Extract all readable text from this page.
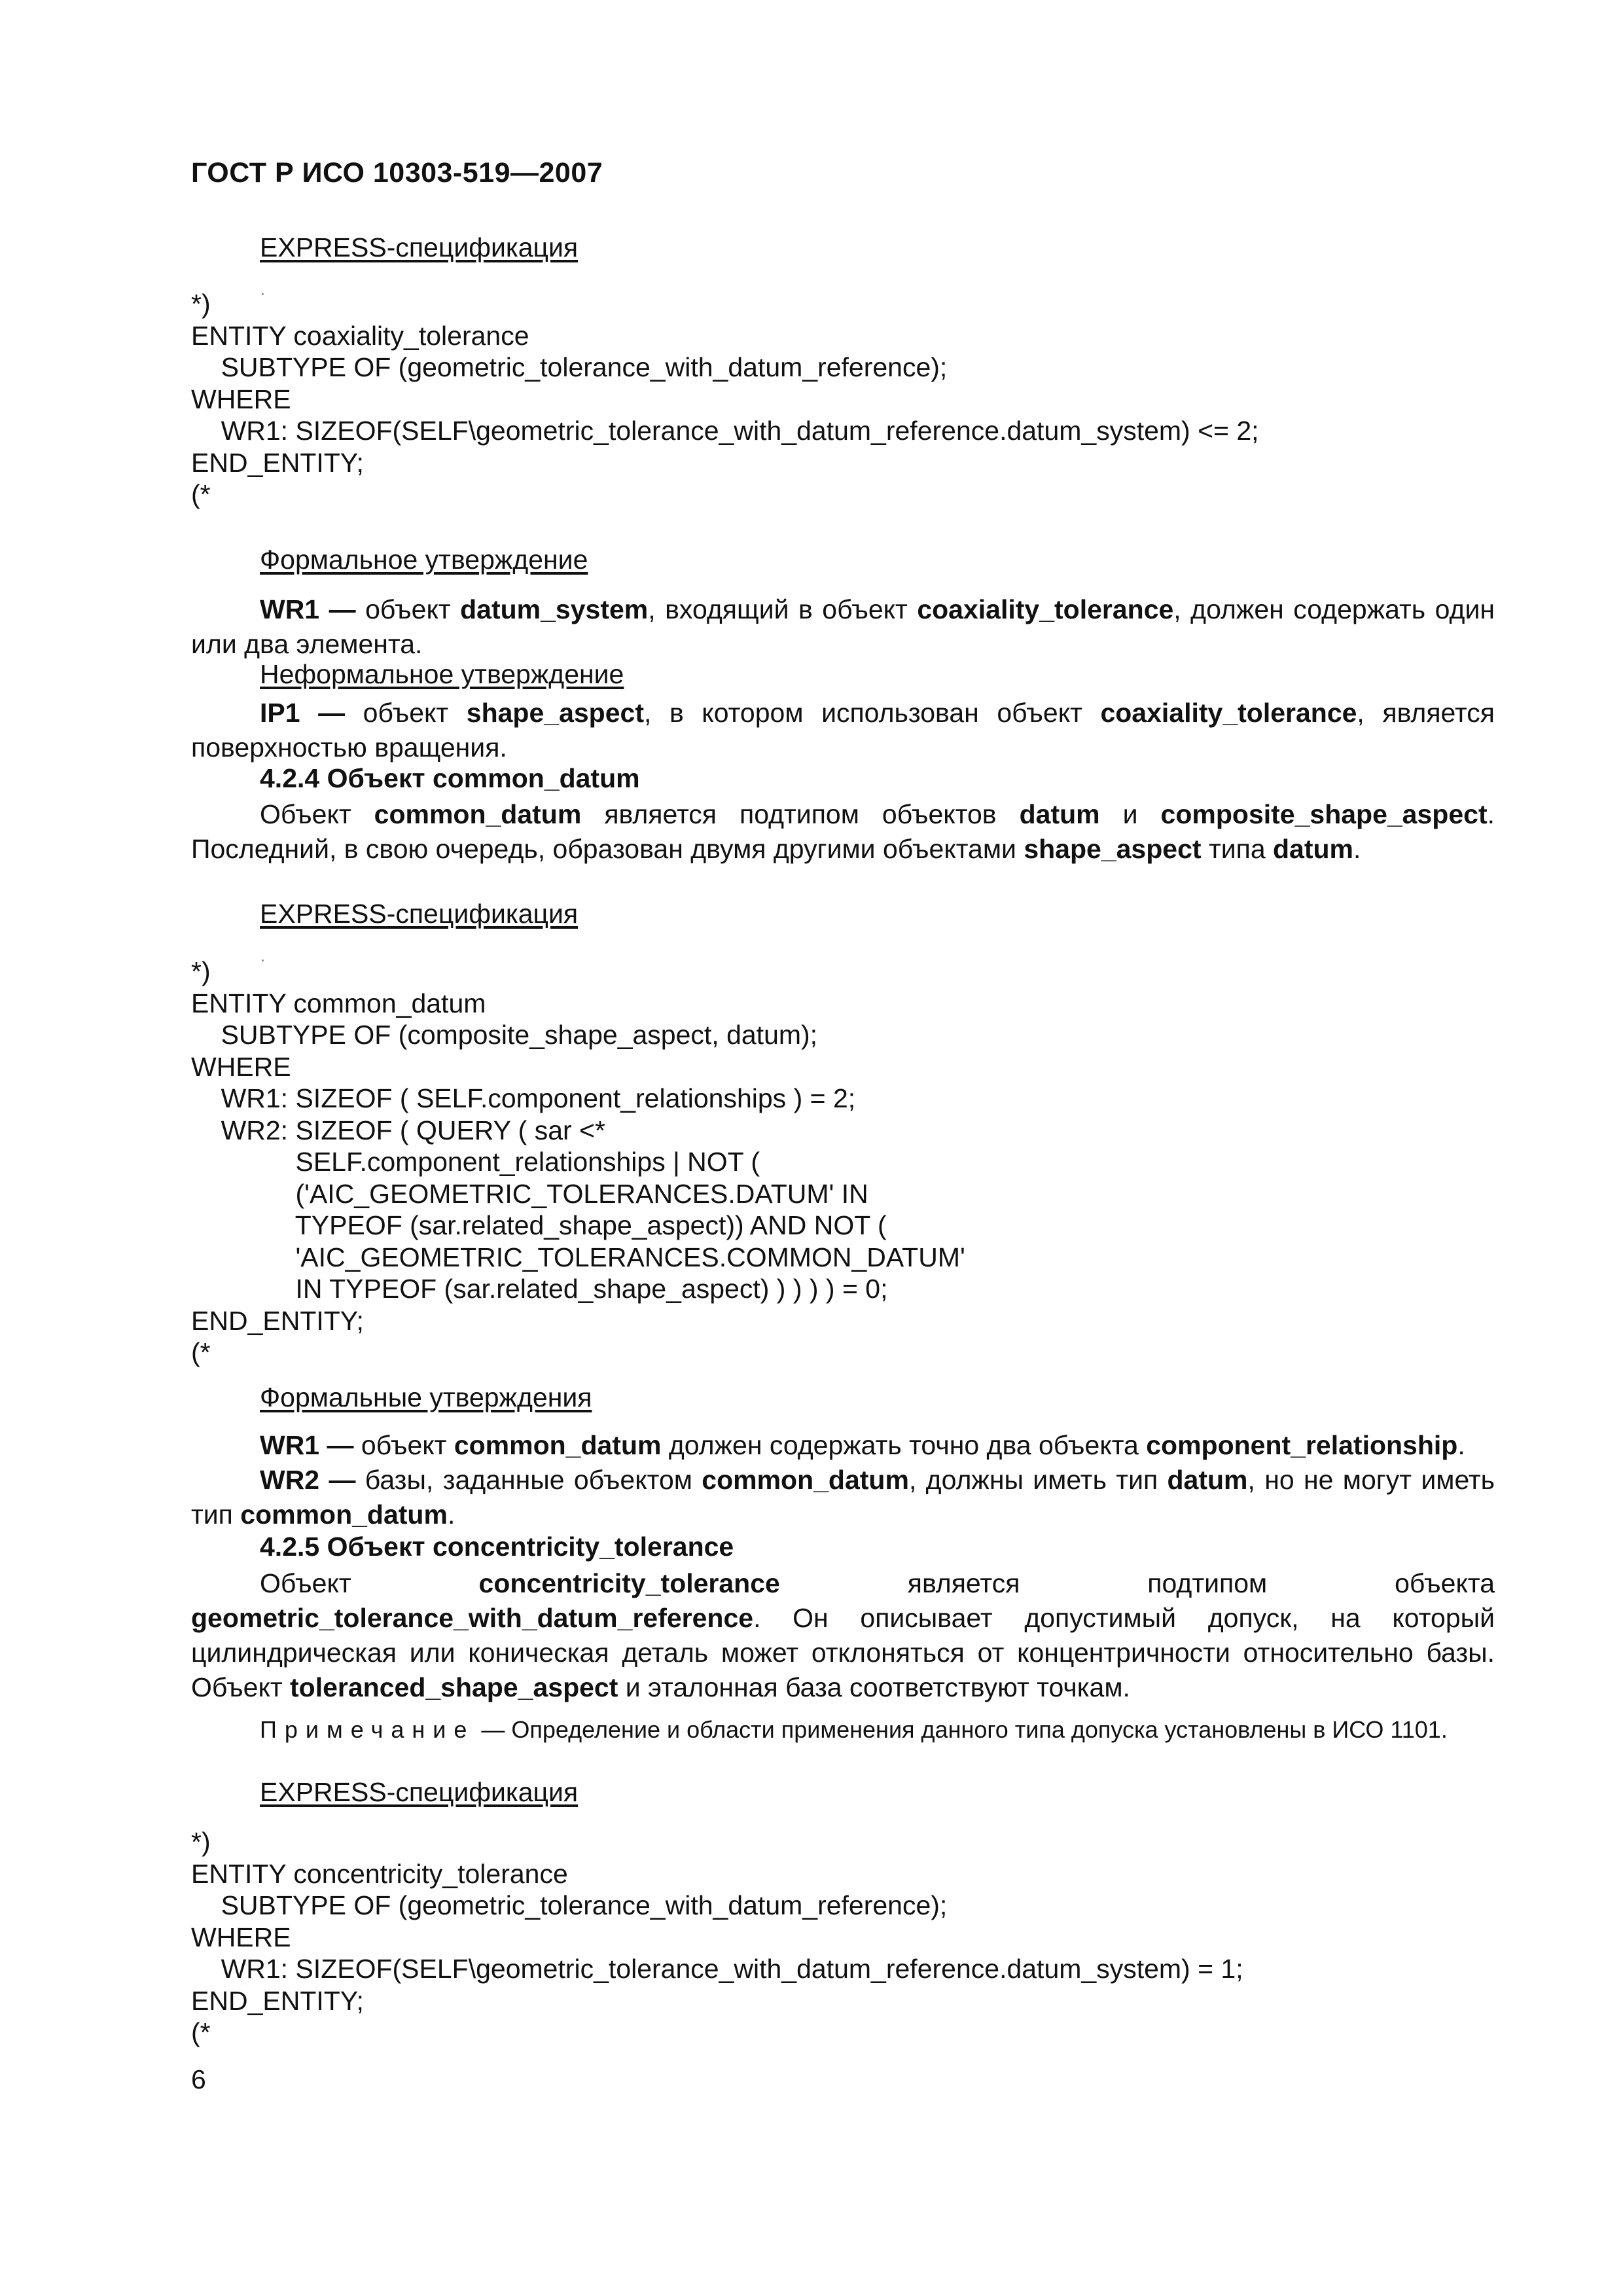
ГОСТ Р ИСО 10303-519—2007
EXPRESS-спецификация
*)
ENTITY coaxiality_tolerance
SUBTYPE OF (geometric_tolerance_with_datum_reference);
WHERE
WR1: SIZEOF(SELF\geometric_tolerance_with_datum_reference.datum_system) <= 2;
END_ENTITY;
(*
Формальное утверждение
WR1 — объект datum_system, входящий в объект coaxiality_tolerance, должен содержать один или два элемента.
Неформальное утверждение
IP1 — объект shape_aspect, в котором использован объект coaxiality_tolerance, является поверхностью вращения.
4.2.4 Объект common_datum
Объект common_datum является подтипом объектов datum и composite_shape_aspect. Последний, в свою очередь, образован двумя другими объектами shape_aspect типа datum.
EXPRESS-спецификация
*)
ENTITY common_datum
SUBTYPE OF (composite_shape_aspect, datum);
WHERE
WR1: SIZEOF ( SELF.component_relationships ) = 2;
WR2: SIZEOF ( QUERY ( sar <*
SELF.component_relationships | NOT (
('AIC_GEOMETRIC_TOLERANCES.DATUM' IN
TYPEOF (sar.related_shape_aspect)) AND NOT (
'AIC_GEOMETRIC_TOLERANCES.COMMON_DATUM'
IN TYPEOF (sar.related_shape_aspect) ) ) ) ) = 0;
END_ENTITY;
(*
Формальные утверждения
WR1 — объект common_datum должен содержать точно два объекта component_relationship.
WR2 — базы, заданные объектом common_datum, должны иметь тип datum, но не могут иметь тип common_datum.
4.2.5 Объект concentricity_tolerance
Объект concentricity_tolerance является подтипом объекта geometric_tolerance_with_datum_reference. Он описывает допустимый допуск, на который цилиндрическая или коническая деталь может отклоняться от концентричности относительно базы. Объект toleranced_shape_aspect и эталонная база соответствуют точкам.
Примечание — Определение и области применения данного типа допуска установлены в ИСО 1101.
EXPRESS-спецификация
*)
ENTITY concentricity_tolerance
SUBTYPE OF (geometric_tolerance_with_datum_reference);
WHERE
WR1: SIZEOF(SELF\geometric_tolerance_with_datum_reference.datum_system) = 1;
END_ENTITY;
(*
6
